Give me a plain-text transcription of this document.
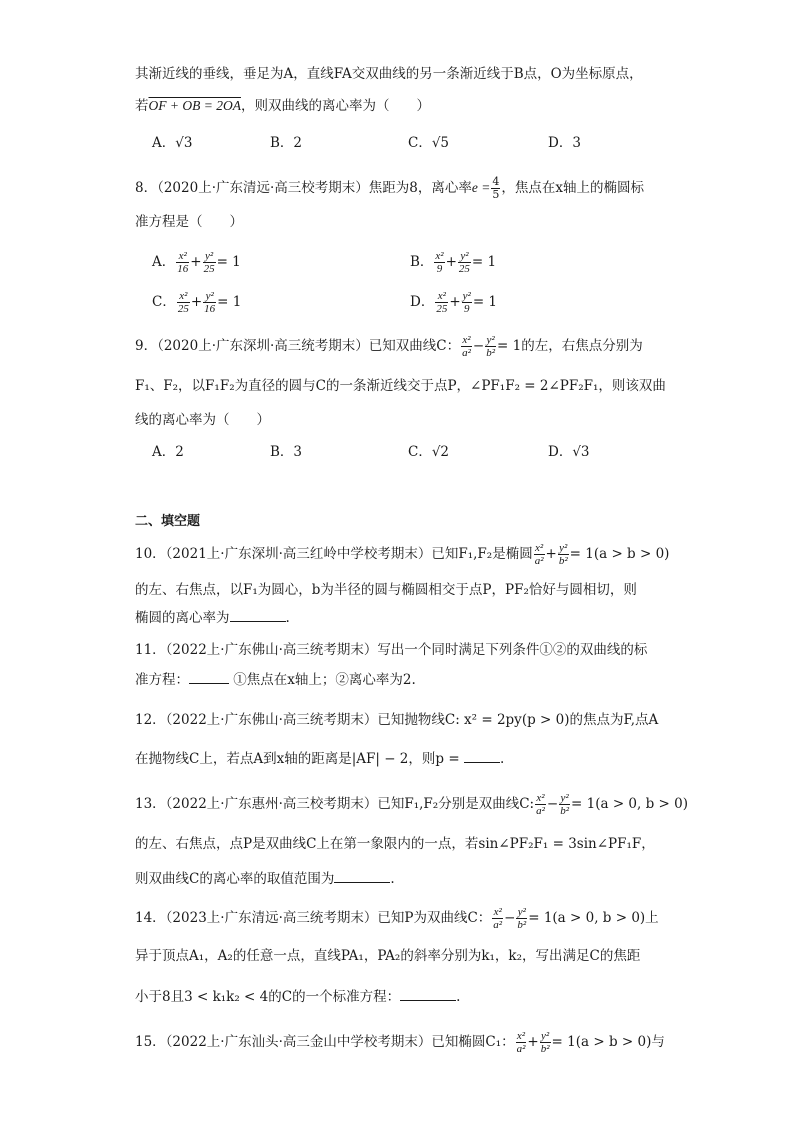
其渐近线的垂线，垂足为A，直线FA交双曲线的另一条渐近线于B点，O为坐标原点，
若OF + OB = 2OA，则双曲线的离心率为（　　）
A．√3	B．2	C．√5	D．3
8．（2020上·广东清远·高三校考期末）焦距为8，离心率$e = \frac{4}{5}$ ，焦点在x轴上的椭圆标
准方程是（　　）
A． $\frac{\text{x²}}{16} + \frac{\text{y²}}{25} = 1$	B． $\frac{\text{x²}}{9} + \frac{\text{y²}}{25} = 1$
C． $\frac{\text{x²}}{25} + \frac{\text{y²}}{16} = 1$	D． $\frac{\text{x²}}{25} + \frac{\text{y²}}{9} = 1$
9．（2020上·广东深圳·高三统考期末）已知双曲线C： $\frac{\text{x²}}{\text{a²}} - \frac{\text{y²}}{\text{b²}} = 1$的左，右焦点分别为
F₁、F₂，以F₁F₂为直径的圆与C的一条渐近线交于点P，∠PF₁F₂ = 2∠PF₂F₁，则该双曲
线的离心率为（　　）
A．2	B．3	C．√2	D．√3
二、填空题
10．（2021上·广东深圳·高三红岭中学校考期末）已知F₁,F₂是椭圆 $\frac{\text{x²}}{\text{a²}} + \frac{\text{y²}}{\text{b²}} = 1(a > b > 0)$
的左、右焦点，以F₁为圆心，b为半径的圆与椭圆相交于点P，PF₂恰好与圆相切，则
椭圆的离心率为	.
11．（2022上·广东佛山·高三统考期末）写出一个同时满足下列条件①②的双曲线的标
准方程：	①焦点在x轴上；②离心率为2.
12．（2022上·广东佛山·高三统考期末）已知抛物线C: x² = 2py(p > 0)的焦点为F,点A
在抛物线C上，若点A到x轴的距离是|AF| − 2，则p =	.
13．（2022上·广东惠州·高三校考期末）已知F₁,F₂分别是双曲线C: $\frac{\text{x²}}{\text{a²}} - \frac{\text{y²}}{\text{b²}} = 1(a > 0$, b > 0)
的左、右焦点，点P是双曲线C上在第一象限内的一点，若sin∠PF₂F₁ = 3sin∠PF₁F，
则双曲线C的离心率的取值范围为	.
14．（2023上·广东清远·高三统考期末）已知P为双曲线C： $\frac{\text{x²}}{\text{a²}} - \frac{\text{y²}}{\text{b²}} = 1(a > 0$, b > 0)上
异于顶点A₁，A₂的任意一点，直线PA₁，PA₂的斜率分别为k₁，k₂，写出满足C的焦距
小于8且3 < k₁k₂ < 4的C的一个标准方程：	.
15．（2022上·广东汕头·高三金山中学校考期末）已知椭圆C₁： $\frac{\text{x²}}{\text{a²}} + \frac{\text{y²}}{\text{b²}} = 1(a > b > 0)$与
